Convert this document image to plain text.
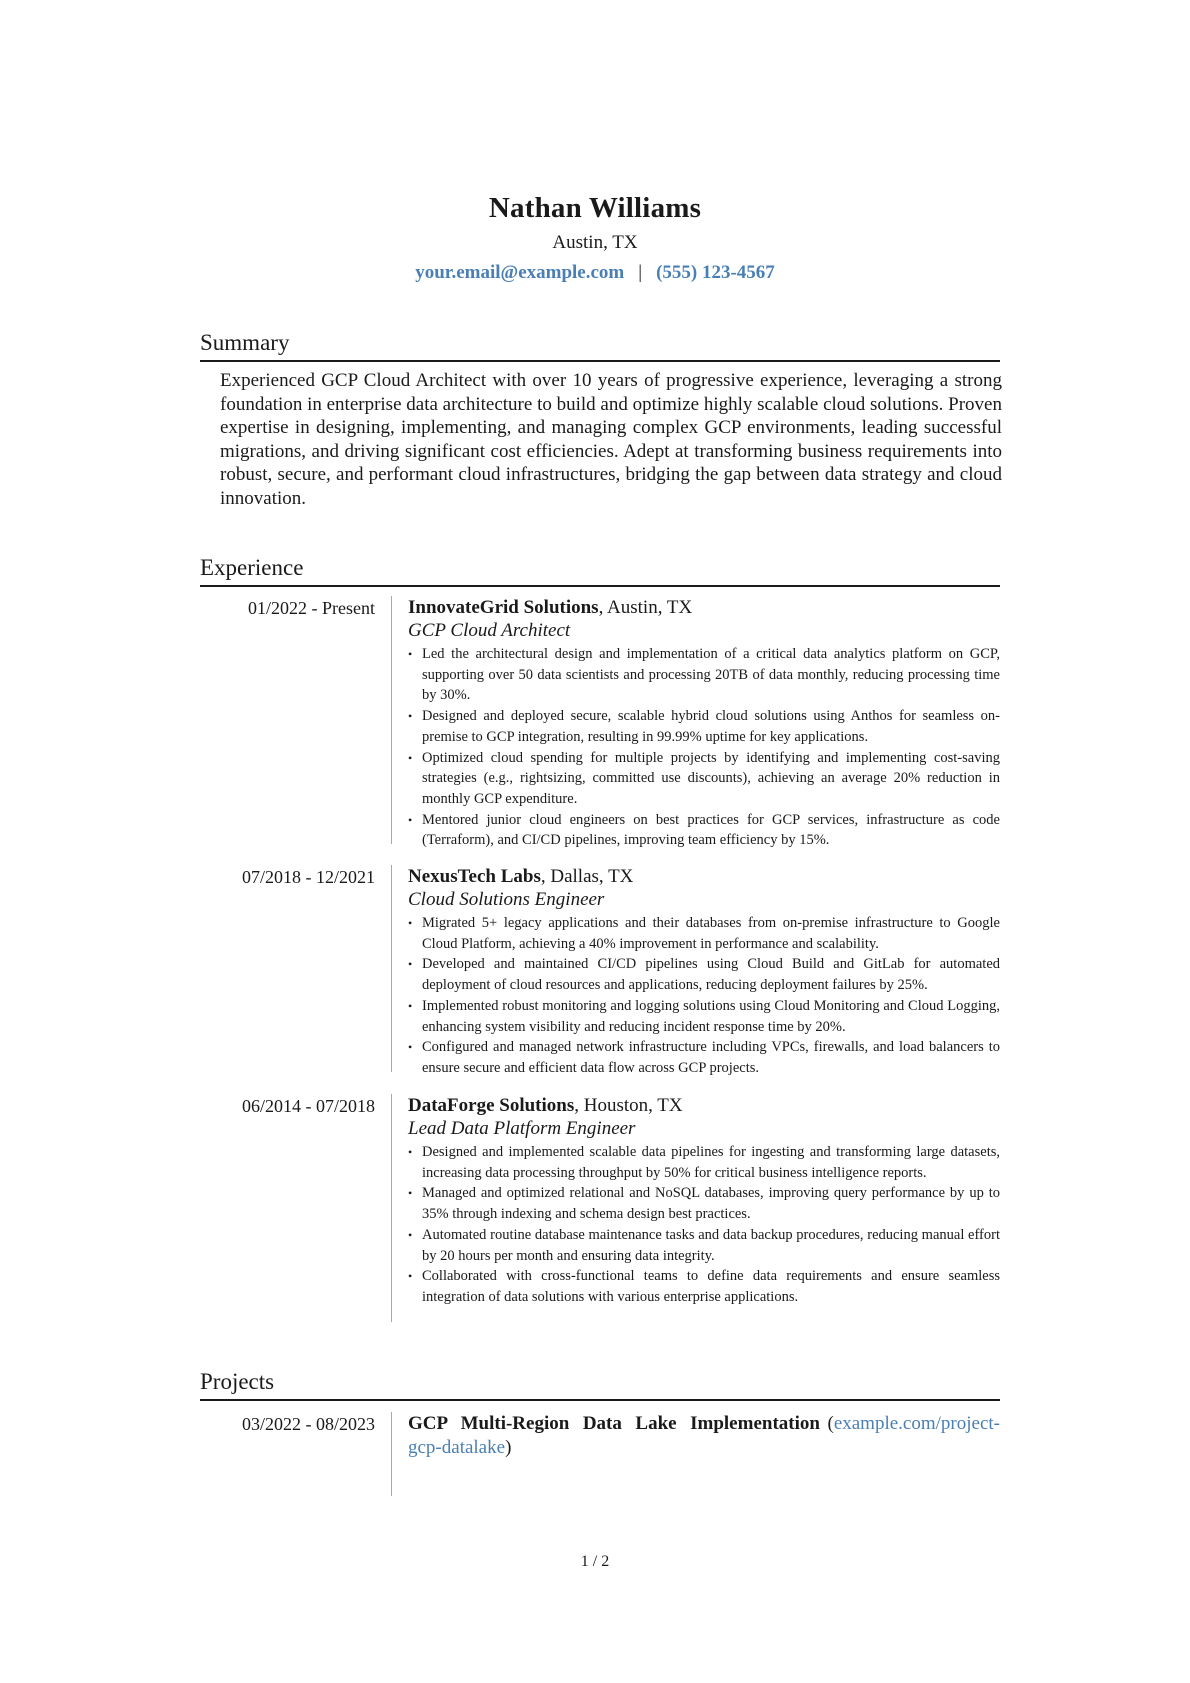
Nathan Williams
Austin, TX
your.email@example.com | (555) 123-4567
Summary
Experienced GCP Cloud Architect with over 10 years of progressive experience, leveraging a strong foundation in enterprise data architecture to build and optimize highly scalable cloud solutions. Proven expertise in designing, implementing, and managing complex GCP environments, leading successful migrations, and driving significant cost efficiencies. Adept at transforming business requirements into robust, secure, and performant cloud infrastructures, bridging the gap between data strategy and cloud innovation.
Experience
01/2022 - Present InnovateGrid Solutions, Austin, TX
GCP Cloud Architect
• Led the architectural design and implementation of a critical data analytics platform on GCP, supporting over 50 data scientists and processing 20TB of data monthly, reducing processing time by 30%.
• Designed and deployed secure, scalable hybrid cloud solutions using Anthos for seamless on-premise to GCP integration, resulting in 99.99% uptime for key applications.
• Optimized cloud spending for multiple projects by identifying and implementing cost-saving strategies (e.g., rightsizing, committed use discounts), achieving an average 20% reduction in monthly GCP expenditure.
• Mentored junior cloud engineers on best practices for GCP services, infrastructure as code (Terraform), and CI/CD pipelines, improving team efficiency by 15%.
07/2018 - 12/2021 NexusTech Labs, Dallas, TX
Cloud Solutions Engineer
• Migrated 5+ legacy applications and their databases from on-premise infrastructure to Google Cloud Platform, achieving a 40% improvement in performance and scalability.
• Developed and maintained CI/CD pipelines using Cloud Build and GitLab for automated deployment of cloud resources and applications, reducing deployment failures by 25%.
• Implemented robust monitoring and logging solutions using Cloud Monitoring and Cloud Logging, enhancing system visibility and reducing incident response time by 20%.
• Configured and managed network infrastructure including VPCs, firewalls, and load balancers to ensure secure and efficient data flow across GCP projects.
06/2014 - 07/2018 DataForge Solutions, Houston, TX
Lead Data Platform Engineer
• Designed and implemented scalable data pipelines for ingesting and transforming large datasets, increasing data processing throughput by 50% for critical business intelligence reports.
• Managed and optimized relational and NoSQL databases, improving query performance by up to 35% through indexing and schema design best practices.
• Automated routine database maintenance tasks and data backup procedures, reducing manual effort by 20 hours per month and ensuring data integrity.
• Collaborated with cross-functional teams to define data requirements and ensure seamless integration of data solutions with various enterprise applications.
Projects
03/2022 - 08/2023 GCP Multi-Region Data Lake Implementation (example.com/project-gcp-datalake)
1 / 2
